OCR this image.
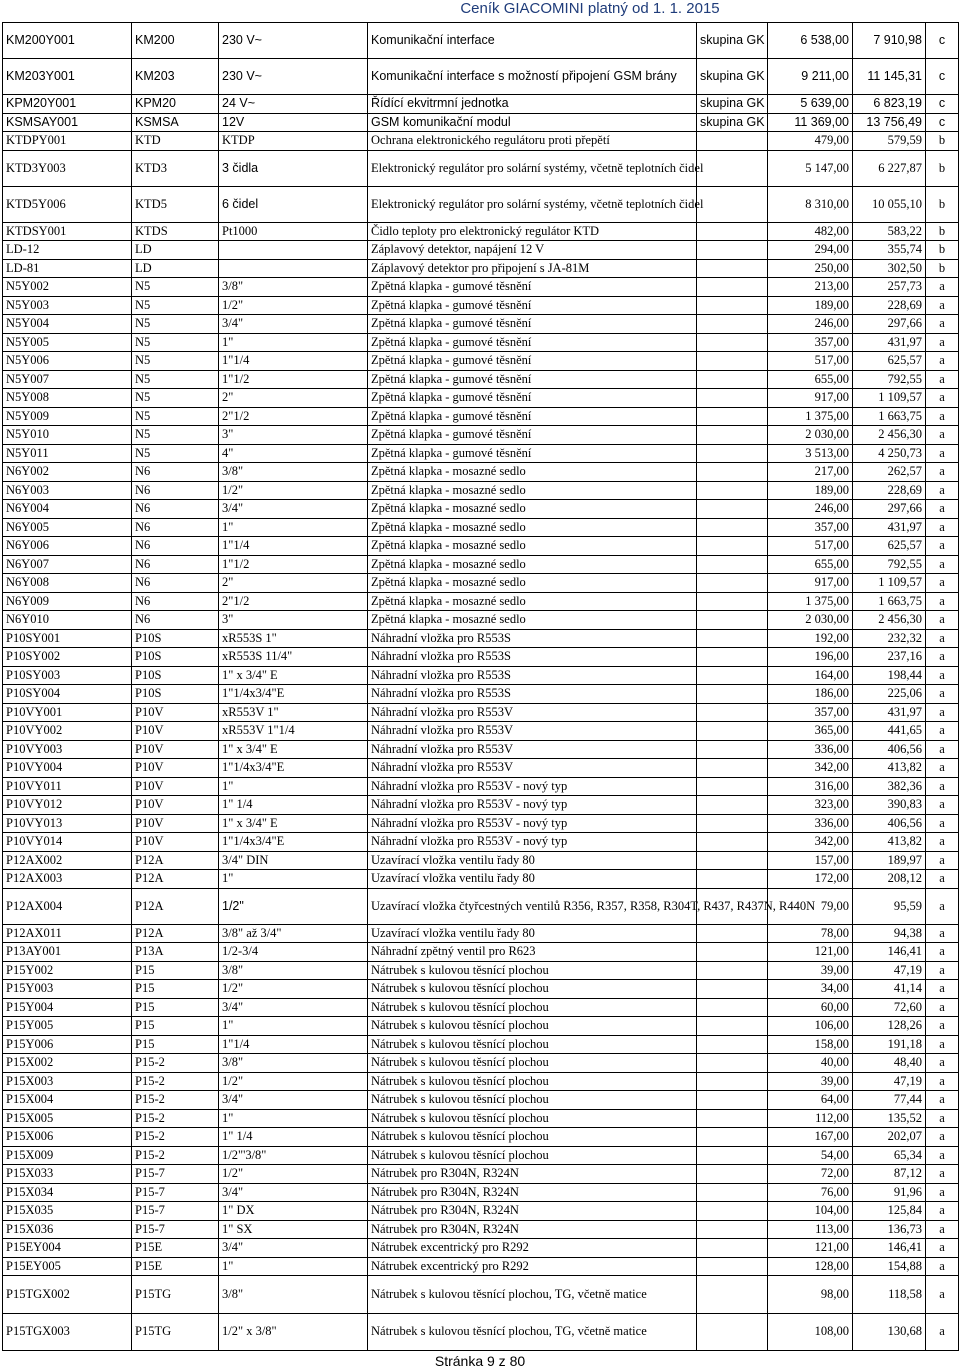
Ceník GIACOMINI platný od 1. 1. 2015
KM200Y001	KM200	230 V~	Komunikační interface	skupina GK	6 538,00	7 910,98	c
KM203Y001	KM203	230 V~	Komunikační interface s možností připojení GSM brány	skupina GK	9 211,00	11 145,31	c
KPM20Y001	KPM20	24 V~	Řídící ekvitrmní jednotka	skupina GK	5 639,00	6 823,19	c
KSMSAY001	KSMSA	12V	GSM komunikační modul	skupina GK	11 369,00	13 756,49	c
KTDPY001	KTD	KTDP	Ochrana elektronického regulátoru proti přepětí		479,00	579,59	b
KTD3Y003	KTD3	3 čidla	Elektronický regulátor pro solární systémy, včetně teplotních čidel		5 147,00	6 227,87	b
KTD5Y006	KTD5	6 čidel	Elektronický regulátor pro solární systémy, včetně teplotních čidel		8 310,00	10 055,10	b
KTDSY001	KTDS	Pt1000	Čidlo teploty pro elektronický regulátor KTD		482,00	583,22	b
LD-12	LD		Záplavový detektor, napájení 12 V		294,00	355,74	b
LD-81	LD		Záplavový detektor pro připojení s JA-81M		250,00	302,50	b
N5Y002	N5	3/8"	Zpětná klapka - gumové těsnění		213,00	257,73	a
N5Y003	N5	1/2"	Zpětná klapka - gumové těsnění		189,00	228,69	a
N5Y004	N5	3/4"	Zpětná klapka - gumové těsnění		246,00	297,66	a
N5Y005	N5	1"	Zpětná klapka - gumové těsnění		357,00	431,97	a
N5Y006	N5	1"1/4	Zpětná klapka - gumové těsnění		517,00	625,57	a
N5Y007	N5	1"1/2	Zpětná klapka - gumové těsnění		655,00	792,55	a
N5Y008	N5	2"	Zpětná klapka - gumové těsnění		917,00	1 109,57	a
N5Y009	N5	2"1/2	Zpětná klapka - gumové těsnění		1 375,00	1 663,75	a
N5Y010	N5	3"	Zpětná klapka - gumové těsnění		2 030,00	2 456,30	a
N5Y011	N5	4"	Zpětná klapka - gumové těsnění		3 513,00	4 250,73	a
N6Y002	N6	3/8"	Zpětná klapka - mosazné sedlo		217,00	262,57	a
N6Y003	N6	1/2"	Zpětná klapka - mosazné sedlo		189,00	228,69	a
N6Y004	N6	3/4"	Zpětná klapka - mosazné sedlo		246,00	297,66	a
N6Y005	N6	1"	Zpětná klapka - mosazné sedlo		357,00	431,97	a
N6Y006	N6	1"1/4	Zpětná klapka - mosazné sedlo		517,00	625,57	a
N6Y007	N6	1"1/2	Zpětná klapka - mosazné sedlo		655,00	792,55	a
N6Y008	N6	2"	Zpětná klapka - mosazné sedlo		917,00	1 109,57	a
N6Y009	N6	2"1/2	Zpětná klapka - mosazné sedlo		1 375,00	1 663,75	a
N6Y010	N6	3"	Zpětná klapka - mosazné sedlo		2 030,00	2 456,30	a
P10SY001	P10S	xR553S 1"	Náhradní vložka pro R553S		192,00	232,32	a
P10SY002	P10S	xR553S 11/4"	Náhradní vložka pro R553S		196,00	237,16	a
P10SY003	P10S	1" x 3/4" E	Náhradní vložka pro R553S		164,00	198,44	a
P10SY004	P10S	1"1/4x3/4"E	Náhradní vložka pro R553S		186,00	225,06	a
P10VY001	P10V	xR553V 1"	Náhradní vložka pro R553V		357,00	431,97	a
P10VY002	P10V	xR553V 1"1/4	Náhradní vložka pro R553V		365,00	441,65	a
P10VY003	P10V	1" x 3/4" E	Náhradní vložka pro R553V		336,00	406,56	a
P10VY004	P10V	1"1/4x3/4"E	Náhradní vložka pro R553V		342,00	413,82	a
P10VY011	P10V	1"	Náhradní vložka pro R553V - nový typ		316,00	382,36	a
P10VY012	P10V	1" 1/4	Náhradní vložka pro R553V - nový typ		323,00	390,83	a
P10VY013	P10V	1" x 3/4" E	Náhradní vložka pro R553V - nový typ		336,00	406,56	a
P10VY014	P10V	1"1/4x3/4"E	Náhradní vložka pro R553V - nový typ		342,00	413,82	a
P12AX002	P12A	3/4" DIN	Uzavírací vložka ventilu řady 80		157,00	189,97	a
P12AX003	P12A	1"	Uzavírací vložka ventilu řady 80		172,00	208,12	a
P12AX004	P12A	1/2"	Uzavírací vložka čtyřcestných ventilů R356, R357, R358, R304T, R437, R437N, R440N		79,00	95,59	a
P12AX011	P12A	3/8" až 3/4"	Uzavírací vložka ventilu řady 80		78,00	94,38	a
P13AY001	P13A	1/2-3/4	Náhradní zpětný ventil pro R623		121,00	146,41	a
P15Y002	P15	3/8"	Nátrubek s kulovou těsnící plochou		39,00	47,19	a
P15Y003	P15	1/2"	Nátrubek s kulovou těsnící plochou		34,00	41,14	a
P15Y004	P15	3/4"	Nátrubek s kulovou těsnící plochou		60,00	72,60	a
P15Y005	P15	1"	Nátrubek s kulovou těsnící plochou		106,00	128,26	a
P15Y006	P15	1"1/4	Nátrubek s kulovou těsnící plochou		158,00	191,18	a
P15X002	P15-2	3/8"	Nátrubek s kulovou těsnící plochou		40,00	48,40	a
P15X003	P15-2	1/2"	Nátrubek s kulovou těsnící plochou		39,00	47,19	a
P15X004	P15-2	3/4"	Nátrubek s kulovou těsnící plochou		64,00	77,44	a
P15X005	P15-2	1"	Nátrubek s kulovou těsnící plochou		112,00	135,52	a
P15X006	P15-2	1" 1/4	Nátrubek s kulovou těsnící plochou		167,00	202,07	a
P15X009	P15-2	1/2"'3/8"	Nátrubek s kulovou těsnící plochou		54,00	65,34	a
P15X033	P15-7	1/2"	Nátrubek pro R304N, R324N		72,00	87,12	a
P15X034	P15-7	3/4"	Nátrubek pro R304N, R324N		76,00	91,96	a
P15X035	P15-7	1" DX	Nátrubek pro R304N, R324N		104,00	125,84	a
P15X036	P15-7	1" SX	Nátrubek pro R304N, R324N		113,00	136,73	a
P15EY004	P15E	3/4"	Nátrubek excentrický pro R292		121,00	146,41	a
P15EY005	P15E	1"	Nátrubek excentrický pro R292		128,00	154,88	a
P15TGX002	P15TG	3/8"	Nátrubek s kulovou těsnící plochou, TG, včetně matice		98,00	118,58	a
P15TGX003	P15TG	1/2" x 3/8"	Nátrubek s kulovou těsnící plochou, TG, včetně matice		108,00	130,68	a
Stránka 9 z 80
